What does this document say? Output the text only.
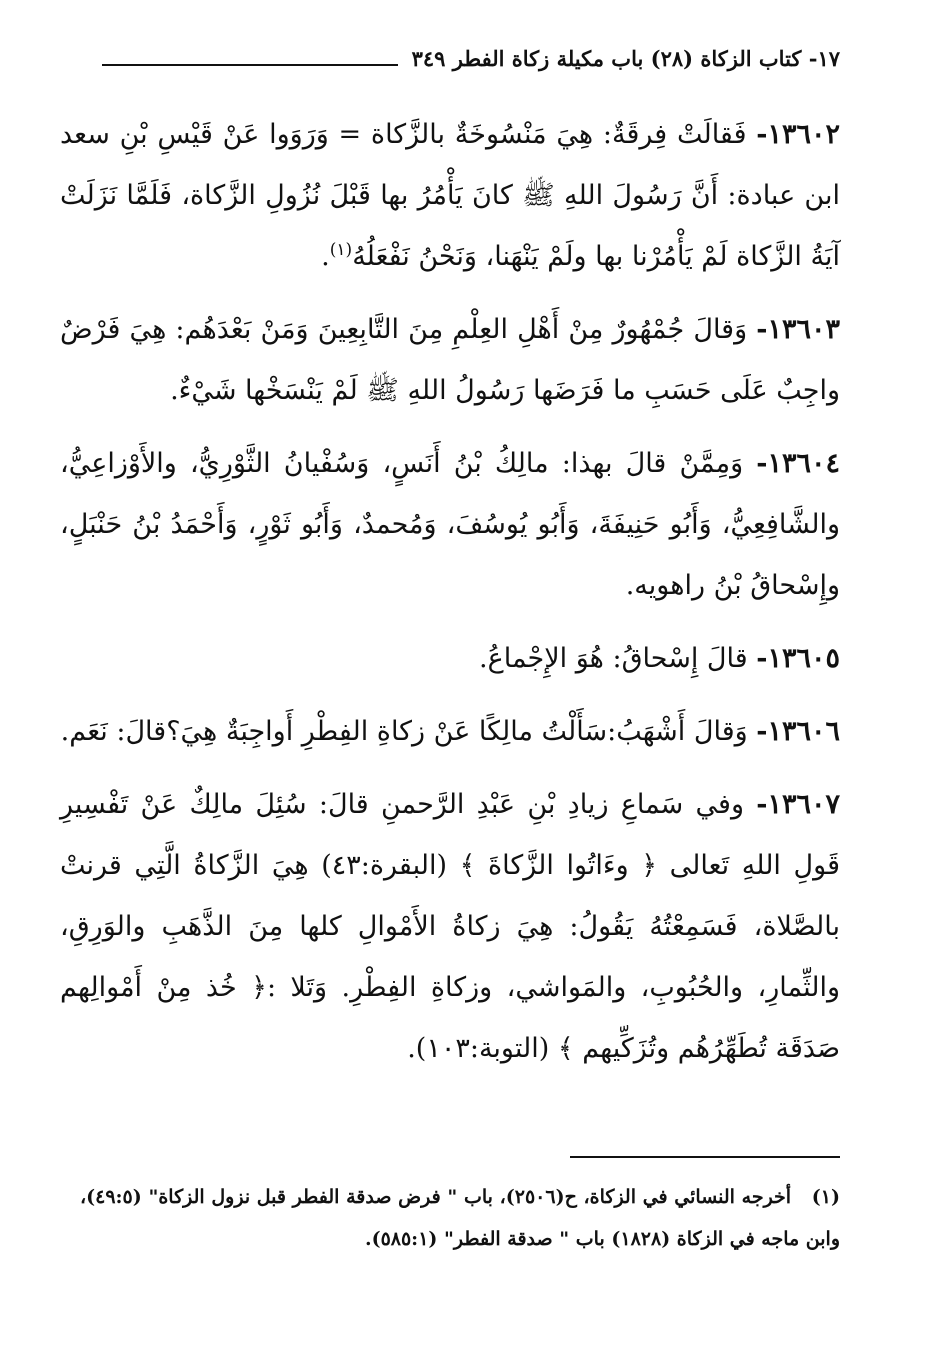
١٧- كتاب الزكاة (٢٨) باب مكيلة زكاة الفطر ٣٤٩

١٣٦٠٢- فَقالَتْ فِرقَةٌ: هِيَ مَنْسُوخَةٌ بالزَّكاة = وَرَوَوا عَنْ قَيْسِ بْنِ سعد ابن عبادة: أَنَّ رَسُولَ اللهِ ﷺ كانَ يَأْمُرُ بها قَبْلَ نُزُولِ الزَّكاة، فَلَمَّا نَزَلَتْ آيَةُ الزَّكاة لَمْ يَأْمُرْنا بها ولَمْ يَنْهَنا، وَنَحْنُ نَفْعَلُهُ$^{(١)}$.

١٣٦٠٣- وَقالَ جُمْهُورٌ مِنْ أَهْلِ العِلْمِ مِنَ التَّابِعِينَ وَمَنْ بَعْدَهُم: هِيَ فَرْضٌ واجِبٌ عَلَى حَسَبِ ما فَرَضَها رَسُولُ اللهِ ﷺ لَمْ يَنْسَخْها شَيْءٌ.

١٣٦٠٤- وَمِمَّنْ قالَ بهذا: مالِكُ بْنُ أَنَسٍ، وَسُفْيانُ الثَّوْرِيُّ، والأَوْزاعِيُّ، والشَّافِعِيُّ، وَأَبُو حَنِيفَةَ، وَأَبُو يُوسُفَ، وَمُحمدٌ، وَأَبُو ثَوْرٍ، وَأَحْمَدُ بْنُ حَنْبَلٍ، وإِسْحاقُ بْنُ راهويه.

١٣٦٠٥- قالَ إِسْحاقُ: هُوَ الإِجْماعُ.

١٣٦٠٦- وَقالَ أَشْهَبُ:سَأَلْتُ مالِكًا عَنْ زكاةِ الفِطْرِ أَواجِبَةٌ هِيَ؟قالَ: نَعَم.

١٣٦٠٧- وفي سَماعِ زيادِ بْنِ عَبْدِ الرَّحمنِ قالَ: سُئِلَ مالِكٌ عَنْ تَفْسِيرِ قَولِ اللهِ تَعالى ﴿ وءَاتُوا الزَّكاةَ ﴾ (البقرة:٤٣) هِيَ الزَّكاةُ الَّتِي قرنتْ بالصَّلاة، فَسَمِعْتُهُ يَقُولُ: هِيَ زكاةُ الأَمْوالِ كلها مِنَ الذَّهَبِ والوَرِقِ، والثِّمارِ، والحُبُوبِ، والمَواشي، وزكاةِ الفِطْرِ. وَتَلا :﴿ خُذ مِنْ أَمْوالِهم صَدَقَة تُطَهِّرُهُم وتُزَكِّيهم ﴾ (التوبة:١٠٣).

(١) أخرجه النسائي في الزكاة، ح(٢٥٠٦)، باب " فرض صدقة الفطر قبل نزول الزكاة" (٤٩:٥)، وابن ماجه في الزكاة (١٨٢٨) باب " صدقة الفطر" (٥٨٥:١).
